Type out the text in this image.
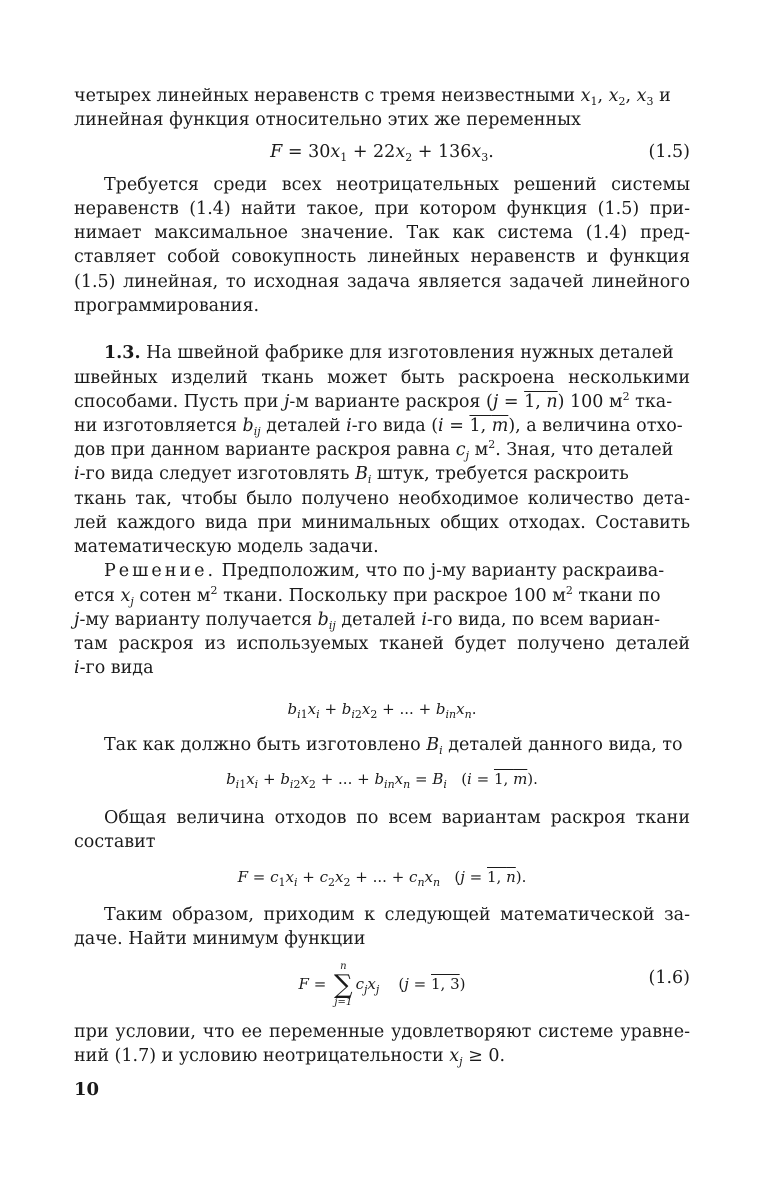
четырех линейных неравенств с тремя неизвестными $x_1$, $x_2$, $x_3$ и
линейная функция относительно этих же переменных
$F = 30x_1 + 22x_2 + 136x_3$.	(1.5)
Требуется среди всех неотрицательных решений системы
неравенств (1.4) найти такое, при котором функция (1.5) при-
нимает максимальное значение. Так как система (1.4) пред-
ставляет собой совокупность линейных неравенств и функция
(1.5) линейная, то исходная задача является задачей линейного
программирования.
1.3. На швейной фабрике для изготовления нужных деталей
швейных изделий ткань может быть раскроена несколькими
способами. Пусть при j-м варианте раскроя (j = 1, n) 100 $м^2$ тка-
ни изготовляется $b_{ij}$ деталей i-го вида (i = 1, m), а величина отхо-
дов при данном варианте раскроя равна $c_j$ $м^2$. Зная, что деталей
i-го вида следует изготовлять $B_i$ штук, требуется раскроить
ткань так, чтобы было получено необходимое количество дета-
лей каждого вида при минимальных общих отходах. Составить
математическую модель задачи.
Решение. Предположим, что по j-му варианту раскраива-
ется $x_j$ сотен $м^2$ ткани. Поскольку при раскрое 100 $м^2$ ткани по
j-му варианту получается $b_{ij}$ деталей i-го вида, по всем вариан-
там раскроя из используемых тканей будет получено деталей
i-го вида
$b_{i1}x_i + b_{i2}x_2$ + ... + $b_{in}x_n$.
Так как должно быть изготовлено $B_i$ деталей данного вида, то
$b_{i1}x_i + b_{i2}x_2$ + ... + $b_{in}x_n = B_i$   (i = 1, m).
Общая величина отходов по всем вариантам раскроя ткани
составит
$F = c_1x_i + c_2x_2$ + ... + $c_nx_n$   (j = 1, n).
Таким образом, приходим к следующей математической за-
даче. Найти минимум функции
F =
n
∑
j=1
$c_jx_j$    (j = 1, 3)	(1.6)
при условии, что ее переменные удовлетворяют системе уравне-
ний (1.7) и условию неотрицательности $x_j \ge 0$.
10
